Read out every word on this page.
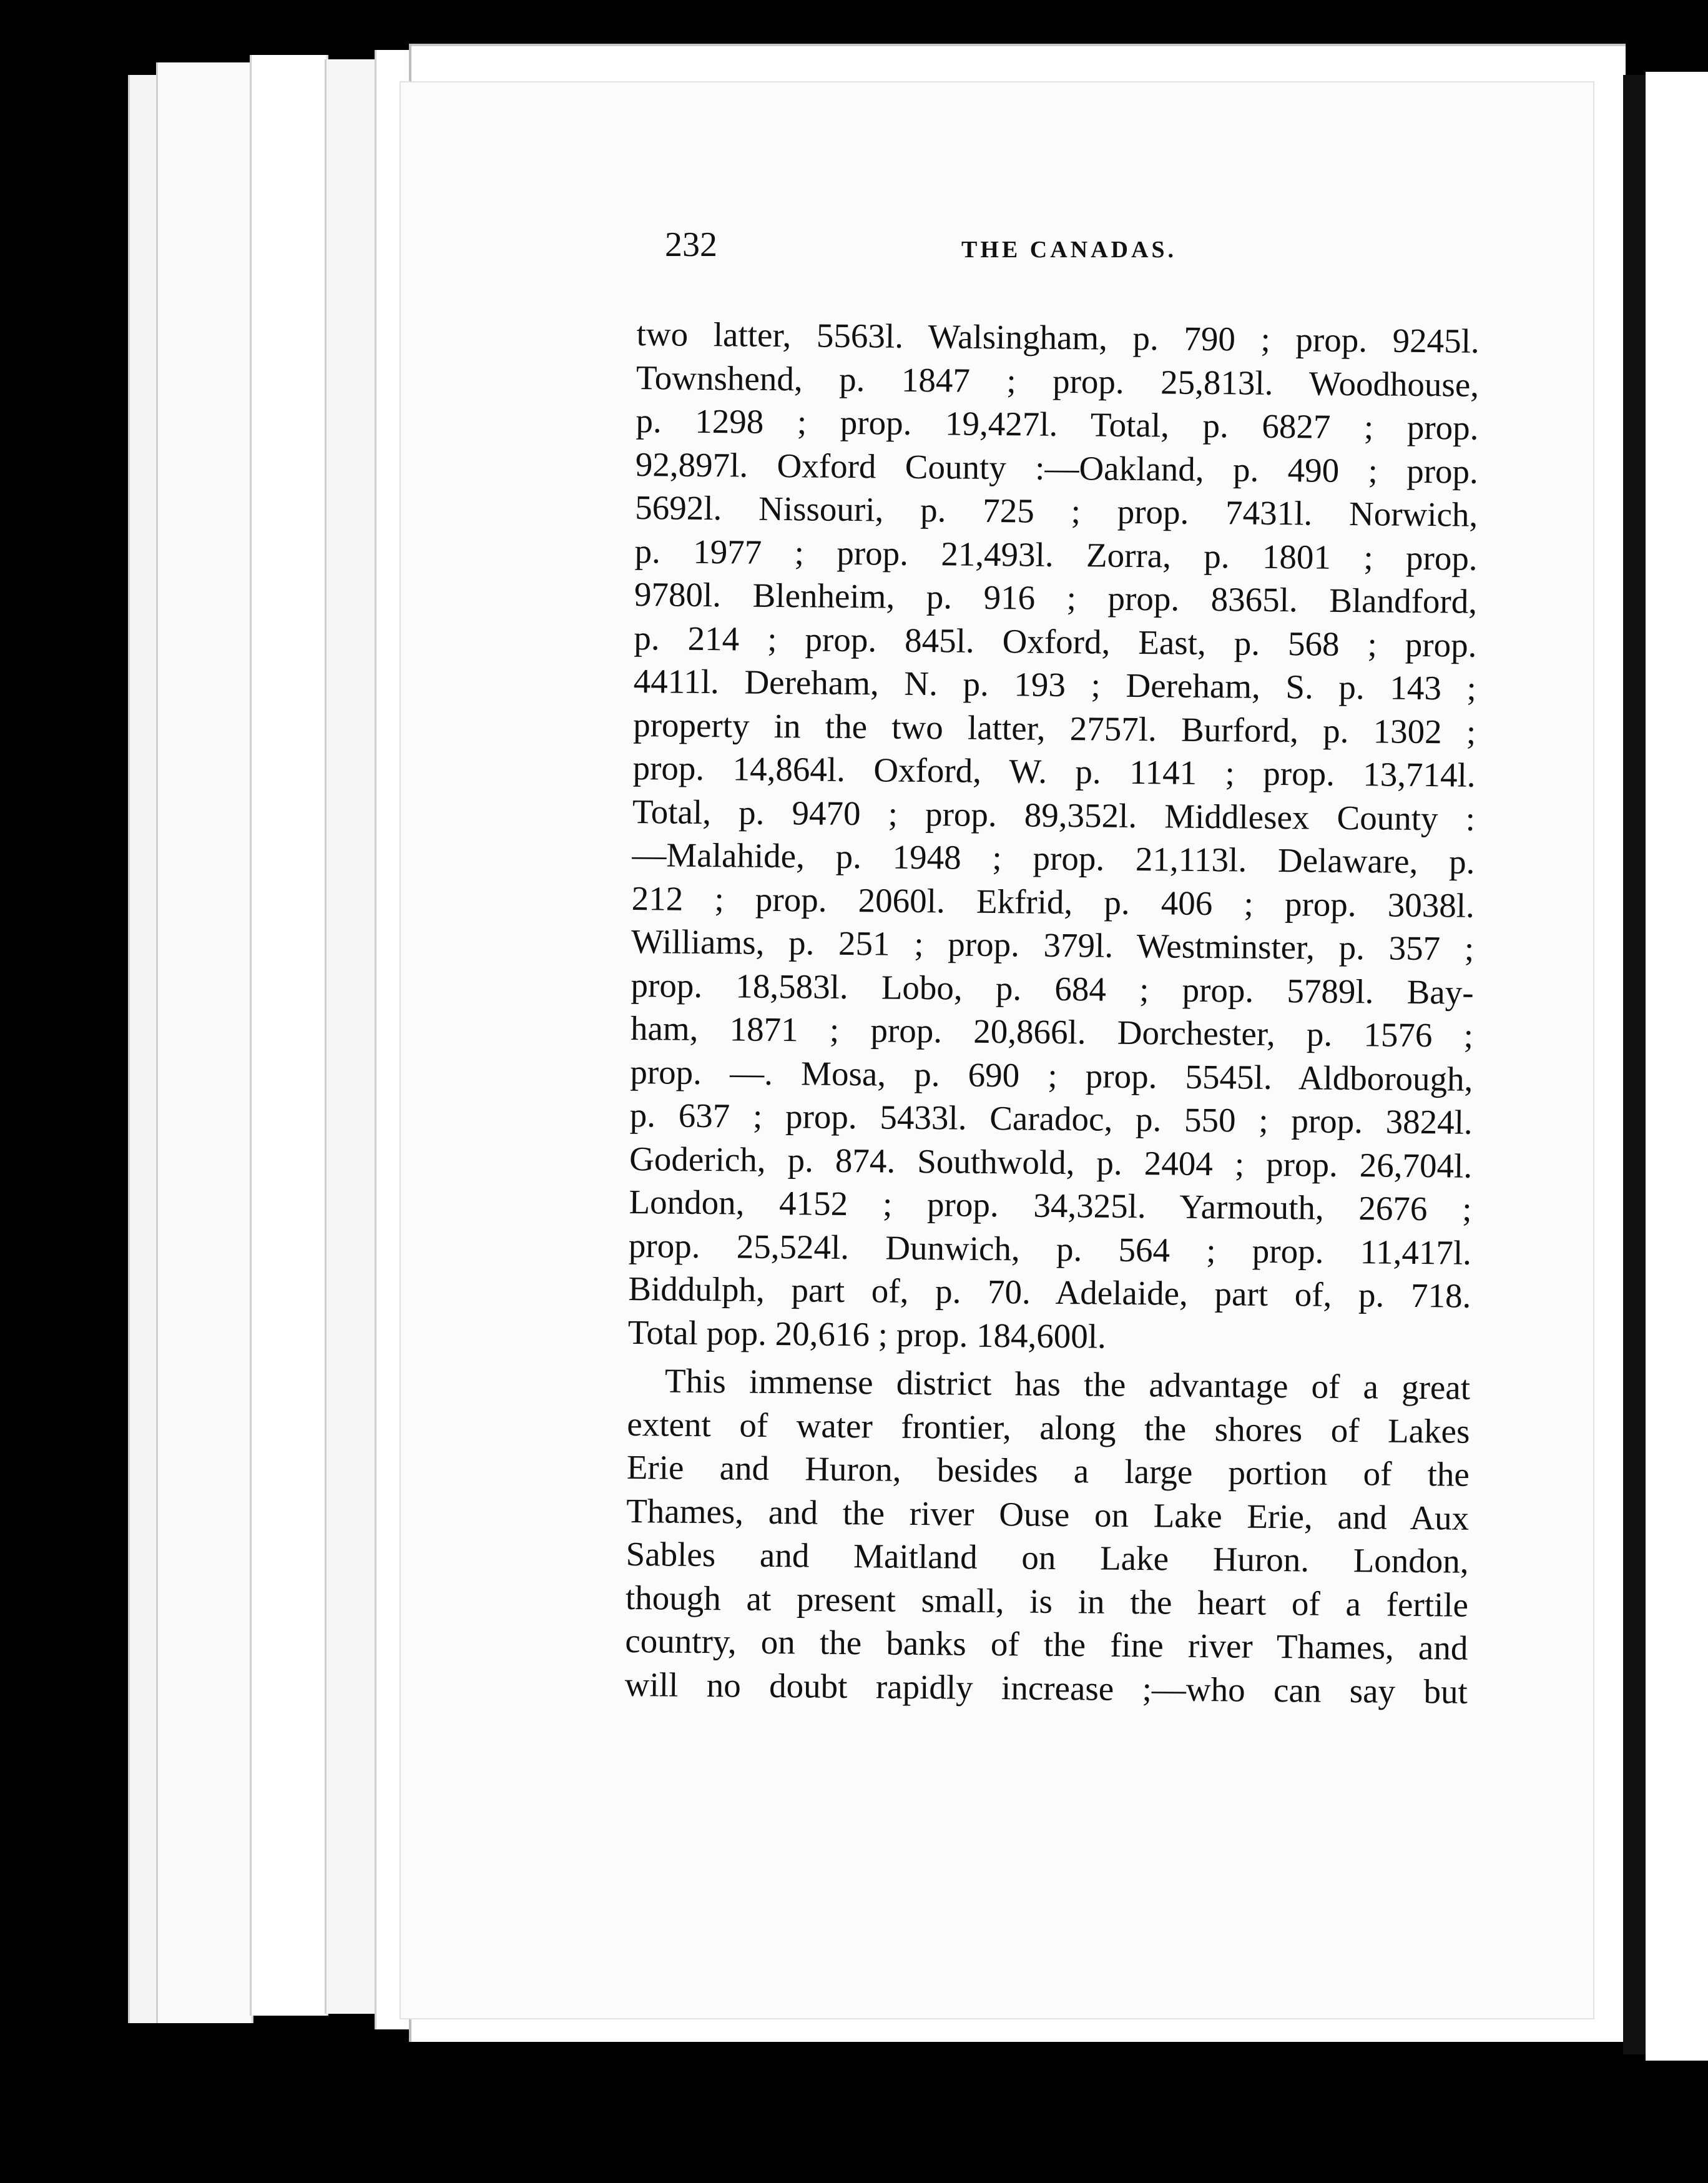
232	THE CANADAS.
two latter, 5563l. Walsingham, p. 790 ; prop. 9245l.
Townshend, p. 1847 ; prop. 25,813l. Woodhouse,
p. 1298 ; prop. 19,427l. Total, p. 6827 ; prop.
92,897l. Oxford County :—Oakland, p. 490 ; prop.
5692l. Nissouri, p. 725 ; prop. 7431l. Norwich,
p. 1977 ; prop. 21,493l. Zorra, p. 1801 ; prop.
9780l. Blenheim, p. 916 ; prop. 8365l. Blandford,
p. 214 ; prop. 845l. Oxford, East, p. 568 ; prop.
4411l. Dereham, N. p. 193 ; Dereham, S. p. 143 ;
property in the two latter, 2757l. Burford, p. 1302 ;
prop. 14,864l. Oxford, W. p. 1141 ; prop. 13,714l.
Total, p. 9470 ; prop. 89,352l. Middlesex County :
—Malahide, p. 1948 ; prop. 21,113l. Delaware, p.
212 ; prop. 2060l. Ekfrid, p. 406 ; prop. 3038l.
Williams, p. 251 ; prop. 379l. Westminster, p. 357 ;
prop. 18,583l. Lobo, p. 684 ; prop. 5789l. Bay-
ham, 1871 ; prop. 20,866l. Dorchester, p. 1576 ;
prop. —. Mosa, p. 690 ; prop. 5545l. Aldborough,
p. 637 ; prop. 5433l. Caradoc, p. 550 ; prop. 3824l.
Goderich, p. 874. Southwold, p. 2404 ; prop. 26,704l.
London, 4152 ; prop. 34,325l. Yarmouth, 2676 ;
prop. 25,524l. Dunwich, p. 564 ; prop. 11,417l.
Biddulph, part of, p. 70. Adelaide, part of, p. 718.
Total pop. 20,616 ; prop. 184,600l.
This immense district has the advantage of a great
extent of water frontier, along the shores of Lakes
Erie and Huron, besides a large portion of the
Thames, and the river Ouse on Lake Erie, and Aux
Sables and Maitland on Lake Huron. London,
though at present small, is in the heart of a fertile
country, on the banks of the fine river Thames, and
will no doubt rapidly increase ;—who can say but
